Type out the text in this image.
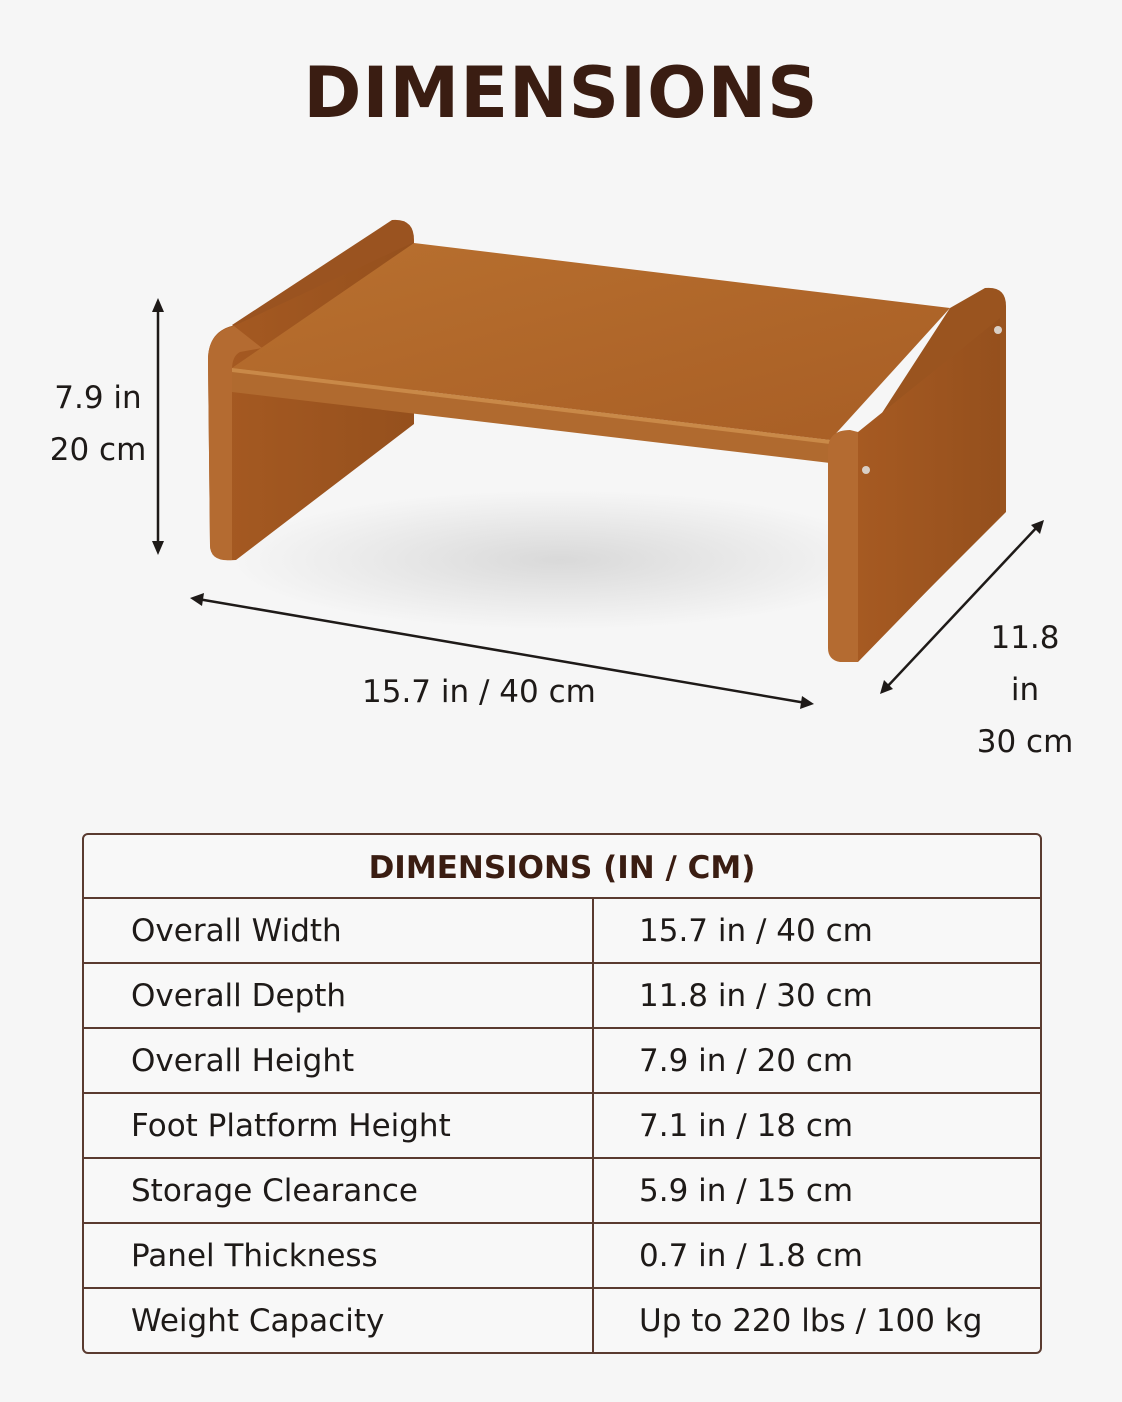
DIMENSIONS
7.9 in
20 cm
15.7 in / 40 cm
11.8 in
30 cm
DIMENSIONS (IN / CM)
Overall Width	15.7 in / 40 cm
Overall Depth	11.8 in / 30 cm
Overall Height	7.9 in / 20 cm
Foot Platform Height	7.1 in / 18 cm
Storage Clearance	5.9 in / 15 cm
Panel Thickness	0.7 in / 1.8 cm
Weight Capacity	Up to 220 lbs / 100 kg
